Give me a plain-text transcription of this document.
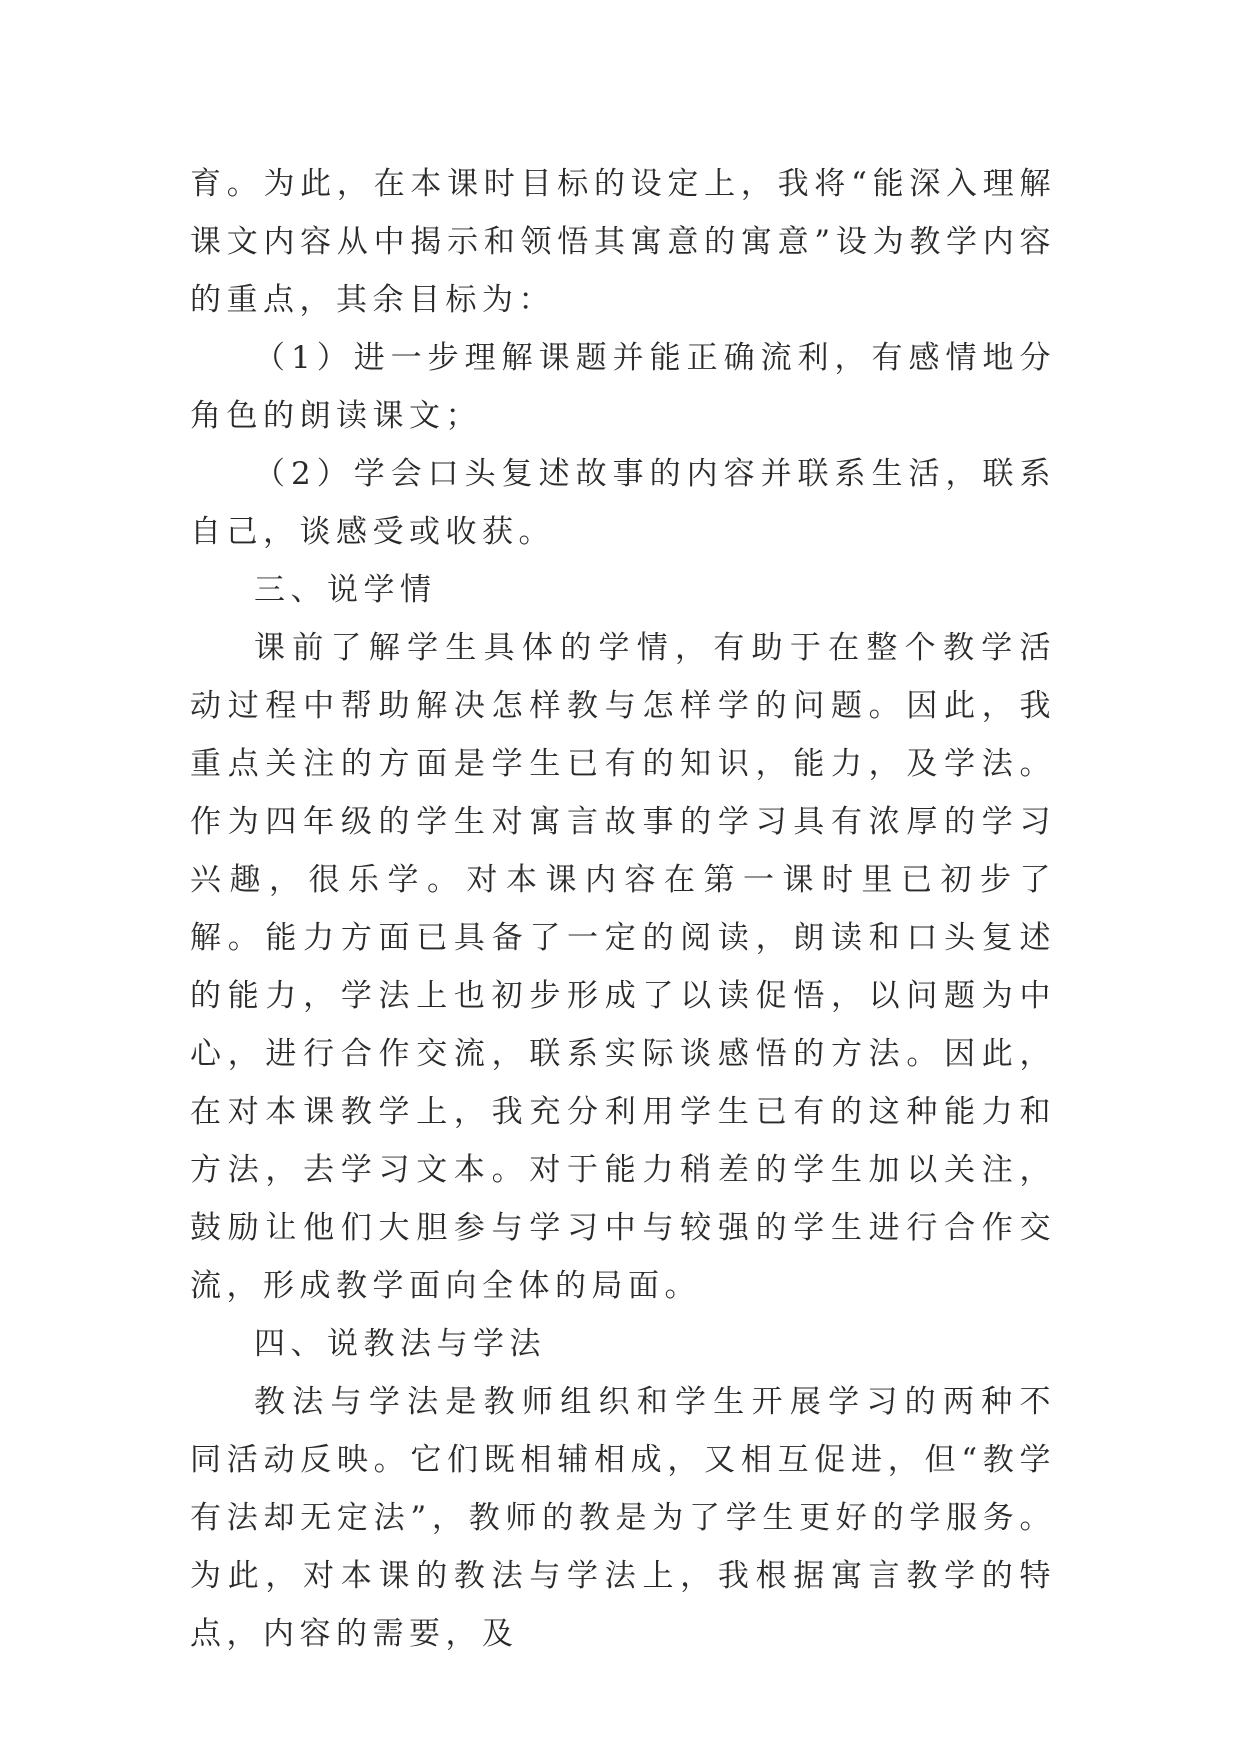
育。为此，在本课时目标的设定上，我将“能深入理解课文内容从中揭示和领悟其寓意的寓意”设为教学内容的重点，其余目标为：

（1）进一步理解课题并能正确流利，有感情地分角色的朗读课文；

（2）学会口头复述故事的内容并联系生活，联系自己，谈感受或收获。

三、说学情

课前了解学生具体的学情，有助于在整个教学活动过程中帮助解决怎样教与怎样学的问题。因此，我重点关注的方面是学生已有的知识，能力，及学法。作为四年级的学生对寓言故事的学习具有浓厚的学习兴趣，很乐学。对本课内容在第一课时里已初步了解。能力方面已具备了一定的阅读，朗读和口头复述的能力，学法上也初步形成了以读促悟，以问题为中心，进行合作交流，联系实际谈感悟的方法。因此，在对本课教学上，我充分利用学生已有的这种能力和方法，去学习文本。对于能力稍差的学生加以关注，鼓励让他们大胆参与学习中与较强的学生进行合作交流，形成教学面向全体的局面。

四、说教法与学法

教法与学法是教师组织和学生开展学习的两种不同活动反映。它们既相辅相成，又相互促进，但“教学有法却无定法”，教师的教是为了学生更好的学服务。为此，对本课的教法与学法上，我根据寓言教学的特点，内容的需要，及
